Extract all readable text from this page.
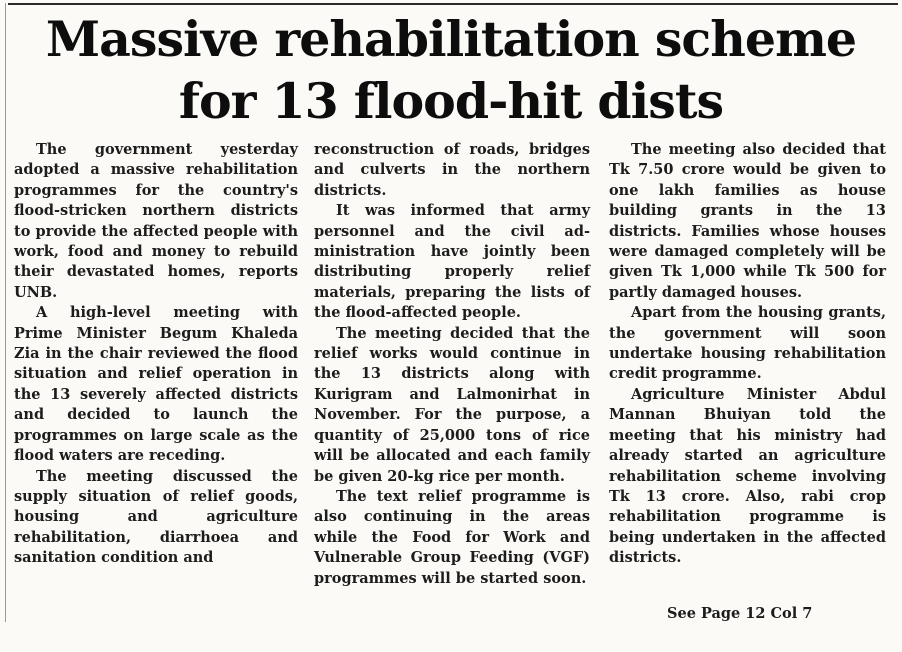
Massive rehabilitation scheme
for 13 flood-hit dists

The government yesterday adopted a massive rehabilitation programmes for the country's flood-stricken northern districts to provide the affected people with work, food and money to rebuild their devastated homes, reports UNB.

A high-level meeting with Prime Minister Begum Khaleda Zia in the chair reviewed the flood situation and relief operation in the 13 severely affected districts and decided to launch the programmes on large scale as the flood waters are receding.

The meeting discussed the supply situation of relief goods, housing and agriculture rehabilitation, diarrhoea and sanitation condition and

reconstruction of roads, bridges and culverts in the northern districts.

It was informed that army personnel and the civil administration have jointly been distributing properly relief materials, preparing the lists of the flood-affected people.

The meeting decided that the relief works would continue in the 13 districts along with Kurigram and Lalmonirhat in November. For the purpose, a quantity of 25,000 tons of rice will be allocated and each family be given 20-kg rice per month.

The text relief programme is also continuing in the areas while the Food for Work and Vulnerable Group Feeding (VGF) programmes will be started soon.

The meeting also decided that Tk 7.50 crore would be given to one lakh families as house building grants in the 13 districts. Families whose houses were damaged completely will be given Tk 1,000 while Tk 500 for partly damaged houses.

Apart from the housing grants, the government will soon undertake housing rehabilitation credit programme.

Agriculture Minister Abdul Mannan Bhuiyan told the meeting that his ministry had already started an agriculture rehabilitation scheme involving Tk 13 crore. Also, rabi crop rehabilitation programme is being undertaken in the affected districts.

See Page 12 Col 7
